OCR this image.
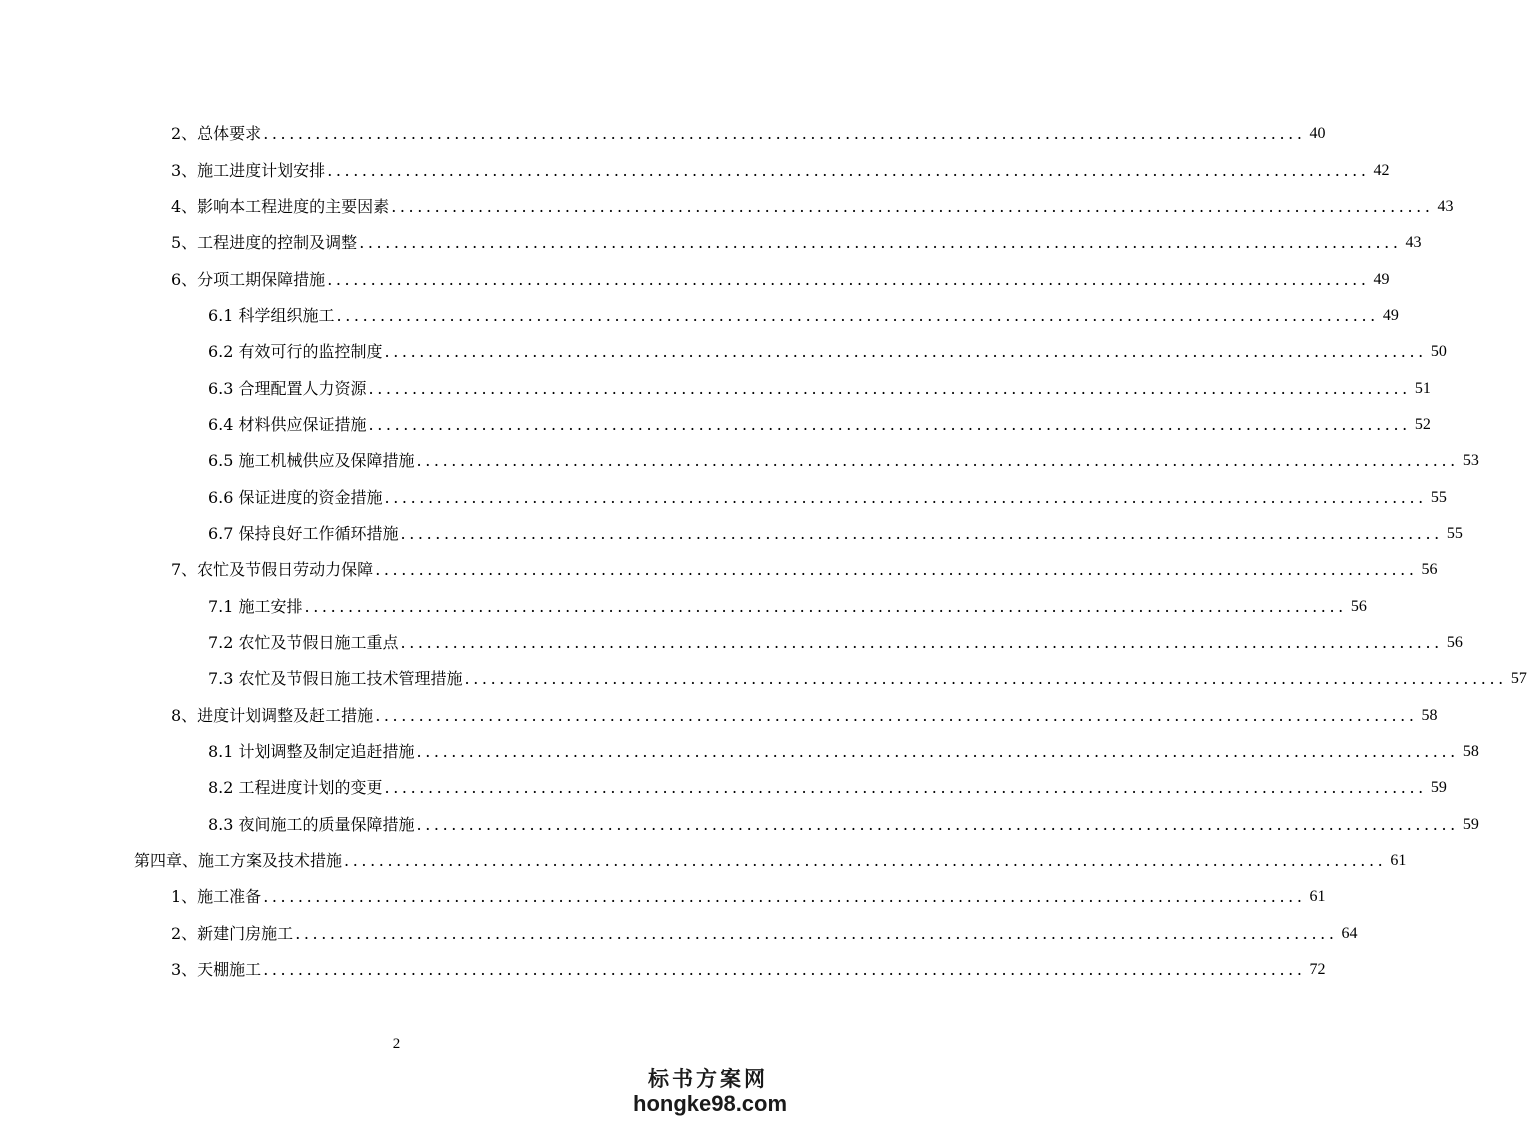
2、总体要求 ........................................................................................................................ 40
3、施工进度计划安排 ........................................................................................................................ 42
4、影响本工程进度的主要因素 ........................................................................................................................ 43
5、工程进度的控制及调整 ........................................................................................................................ 43
6、分项工期保障措施 ........................................................................................................................ 49
6.1 科学组织施工 ........................................................................................................................ 49
6.2 有效可行的监控制度 ........................................................................................................................ 50
6.3 合理配置人力资源 ........................................................................................................................ 51
6.4 材料供应保证措施 ........................................................................................................................ 52
6.5 施工机械供应及保障措施 ........................................................................................................................ 53
6.6 保证进度的资金措施 ........................................................................................................................ 55
6.7 保持良好工作循环措施 ........................................................................................................................ 55
7、农忙及节假日劳动力保障 ........................................................................................................................ 56
7.1 施工安排 ........................................................................................................................ 56
7.2 农忙及节假日施工重点 ........................................................................................................................ 56
7.3 农忙及节假日施工技术管理措施 ........................................................................................................................ 57
8、进度计划调整及赶工措施 ........................................................................................................................ 58
8.1 计划调整及制定追赶措施 ........................................................................................................................ 58
8.2 工程进度计划的变更 ........................................................................................................................ 59
8.3 夜间施工的质量保障措施 ........................................................................................................................ 59
第四章、施工方案及技术措施 ........................................................................................................................ 61
1、施工准备 ........................................................................................................................ 61
2、新建门房施工 ........................................................................................................................ 64
3、天棚施工 ........................................................................................................................ 72
2
标书方案网
hongke98.com
